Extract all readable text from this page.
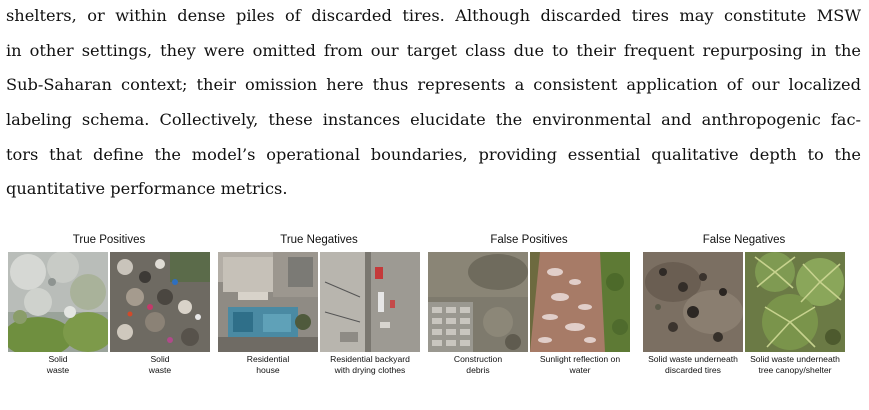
shelters, or within dense piles of discarded tires. Although discarded tires may constitute MSW
in other settings, they were omitted from our target class due to their frequent repurposing in the
Sub-Saharan context; their omission here thus represents a consistent application of our localized
labeling schema. Collectively, these instances elucidate the environmental and anthropogenic fac-
tors that define the model’s operational boundaries, providing essential qualitative depth to the
quantitative performance metrics.
True Positives	True Negatives	False Positives	False Negatives
Solid
waste
Solid
waste
Residential
house
Residential backyard
with drying clothes
Construction
debris
Sunlight reflection on
water
Solid waste underneath
discarded tires
Solid waste underneath
tree canopy/shelter
